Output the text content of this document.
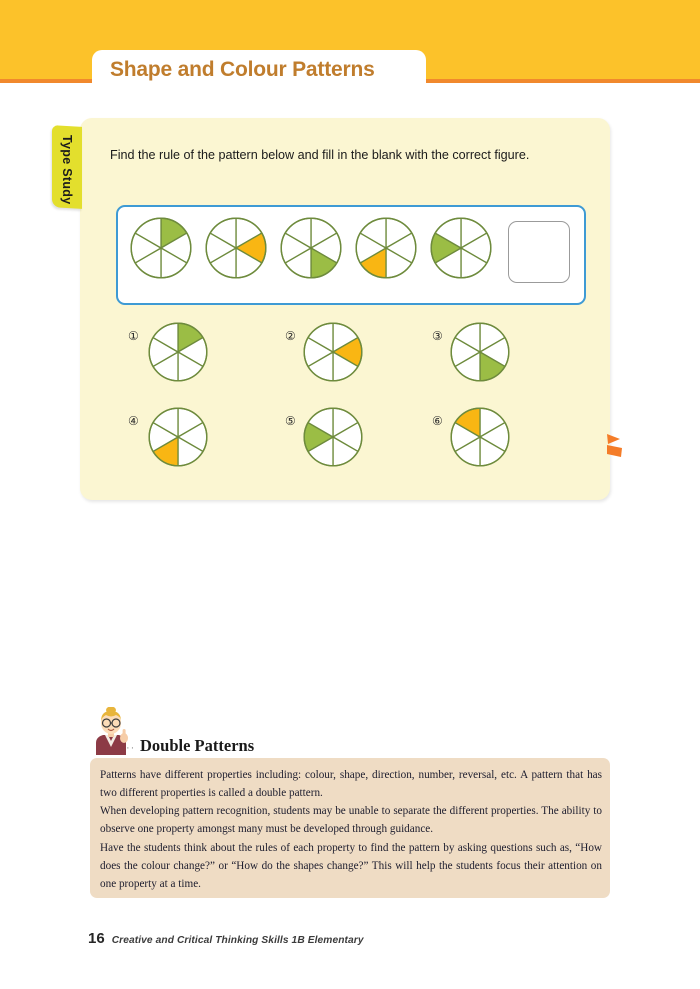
Shape and Colour Patterns
Type Study	Find the rule of the pattern below and fill in the blank with the correct figure.
①	②	③
④	⑤	⑥
·· Double Patterns

Patterns have different properties including: colour, shape, direction, number, reversal, etc. A pattern that has two different properties is called a double pattern.

When developing pattern recognition, students may be unable to separate the different properties. The ability to observe one property amongst many must be developed through guidance.

Have the students think about the rules of each property to find the pattern by asking questions such as, “How does the colour change?” or “How do the shapes change?” This will help the students focus their attention on one property at a time.

16 Creative and Critical Thinking Skills 1B Elementary
